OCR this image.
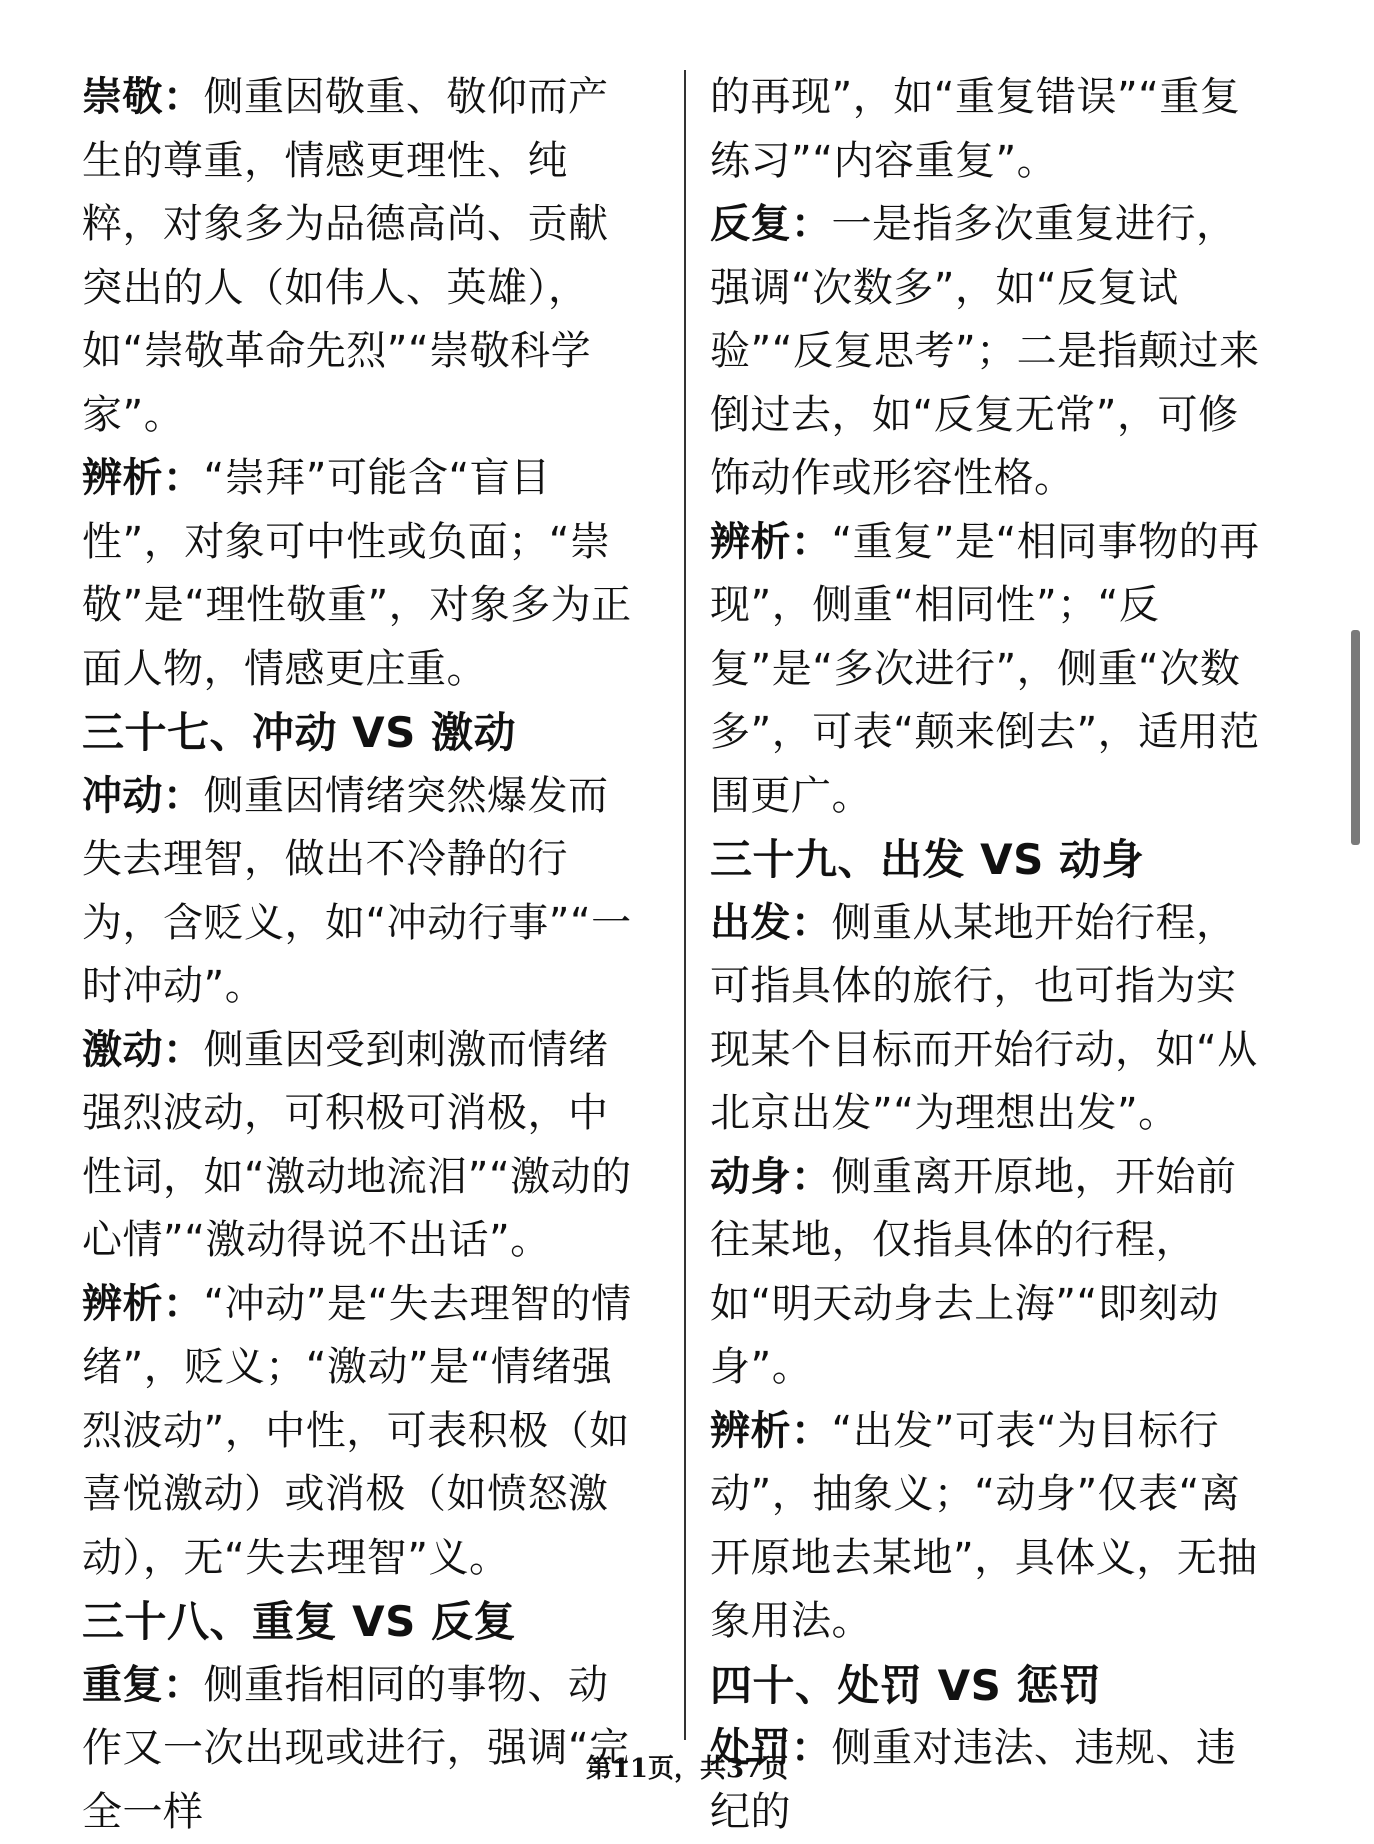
崇敬：侧重因敬重、敬仰而产生的尊重，情感更理性、纯粹，对象多为品德高尚、贡献突出的人（如伟人、英雄），如“崇敬革命先烈”“崇敬科学家”。

辨析：“崇拜”可能含“盲目性”，对象可中性或负面；“崇敬”是“理性敬重”，对象多为正面人物，情感更庄重。

三十七、冲动 VS 激动

冲动：侧重因情绪突然爆发而失去理智，做出不冷静的行为，含贬义，如“冲动行事”“一时冲动”。

激动：侧重因受到刺激而情绪强烈波动，可积极可消极，中性词，如“激动地流泪”“激动的心情”“激动得说不出话”。

辨析：“冲动”是“失去理智的情绪”，贬义；“激动”是“情绪强烈波动”，中性，可表积极（如喜悦激动）或消极（如愤怒激动），无“失去理智”义。

三十八、重复 VS 反复

重复：侧重指相同的事物、动作又一次出现或进行，强调“完全一样

的再现”，如“重复错误”“重复练习”“内容重复”。

反复：一是指多次重复进行，强调“次数多”，如“反复试验”“反复思考”；二是指颠过来倒过去，如“反复无常”，可修饰动作或形容性格。

辨析：“重复”是“相同事物的再现”，侧重“相同性”；“反复”是“多次进行”，侧重“次数多”，可表“颠来倒去”，适用范围更广。

三十九、出发 VS 动身

出发：侧重从某地开始行程，可指具体的旅行，也可指为实现某个目标而开始行动，如“从北京出发”“为理想出发”。

动身：侧重离开原地，开始前往某地，仅指具体的行程，如“明天动身去上海”“即刻动身”。

辨析：“出发”可表“为目标行动”，抽象义；“动身”仅表“离开原地去某地”，具体义，无抽象用法。

四十、处罚 VS 惩罚

处罚：侧重对违法、违规、违纪的

第11页，共37页
